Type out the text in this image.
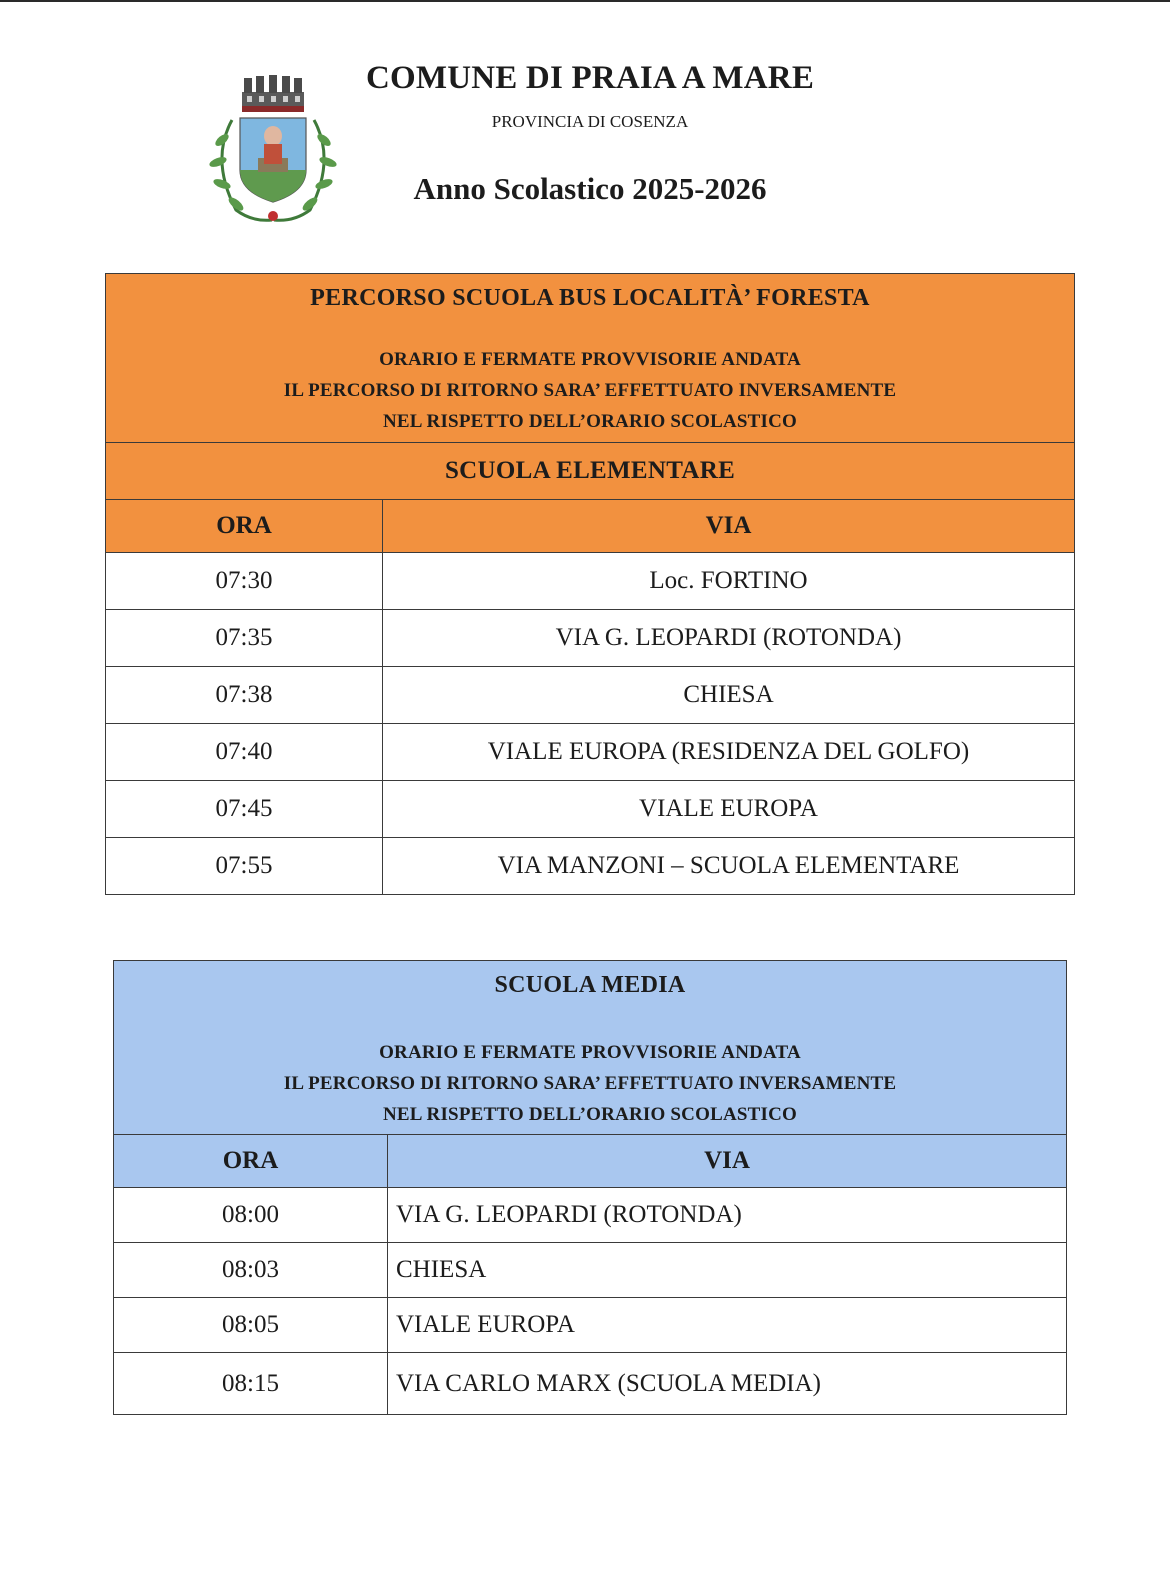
COMUNE DI PRAIA A MARE
PROVINCIA DI COSENZA
Anno Scolastico 2025-2026
PERCORSO SCUOLA BUS LOCALITÀ’ FORESTA
ORARIO E FERMATE PROVVISORIE ANDATA
IL PERCORSO DI RITORNO SARA’ EFFETTUATO INVERSAMENTE
NEL RISPETTO DELL’ORARIO SCOLASTICO	

SCUOLA ELEMENTARE	
ORA	VIA
07:30	Loc. FORTINO
07:35	VIA G. LEOPARDI (ROTONDA)
07:38	CHIESA
07:40	VIALE EUROPA (RESIDENZA DEL GOLFO)
07:45	VIALE EUROPA
07:55	VIA MANZONI – SCUOLA ELEMENTARE
SCUOLA MEDIA
ORARIO E FERMATE PROVVISORIE ANDATA
IL PERCORSO DI RITORNO SARA’ EFFETTUATO INVERSAMENTE
NEL RISPETTO DELL’ORARIO SCOLASTICO	

ORA	VIA
08:00	VIA G. LEOPARDI (ROTONDA)
08:03	CHIESA
08:05	VIALE EUROPA
08:15	VIA CARLO MARX (SCUOLA MEDIA)
